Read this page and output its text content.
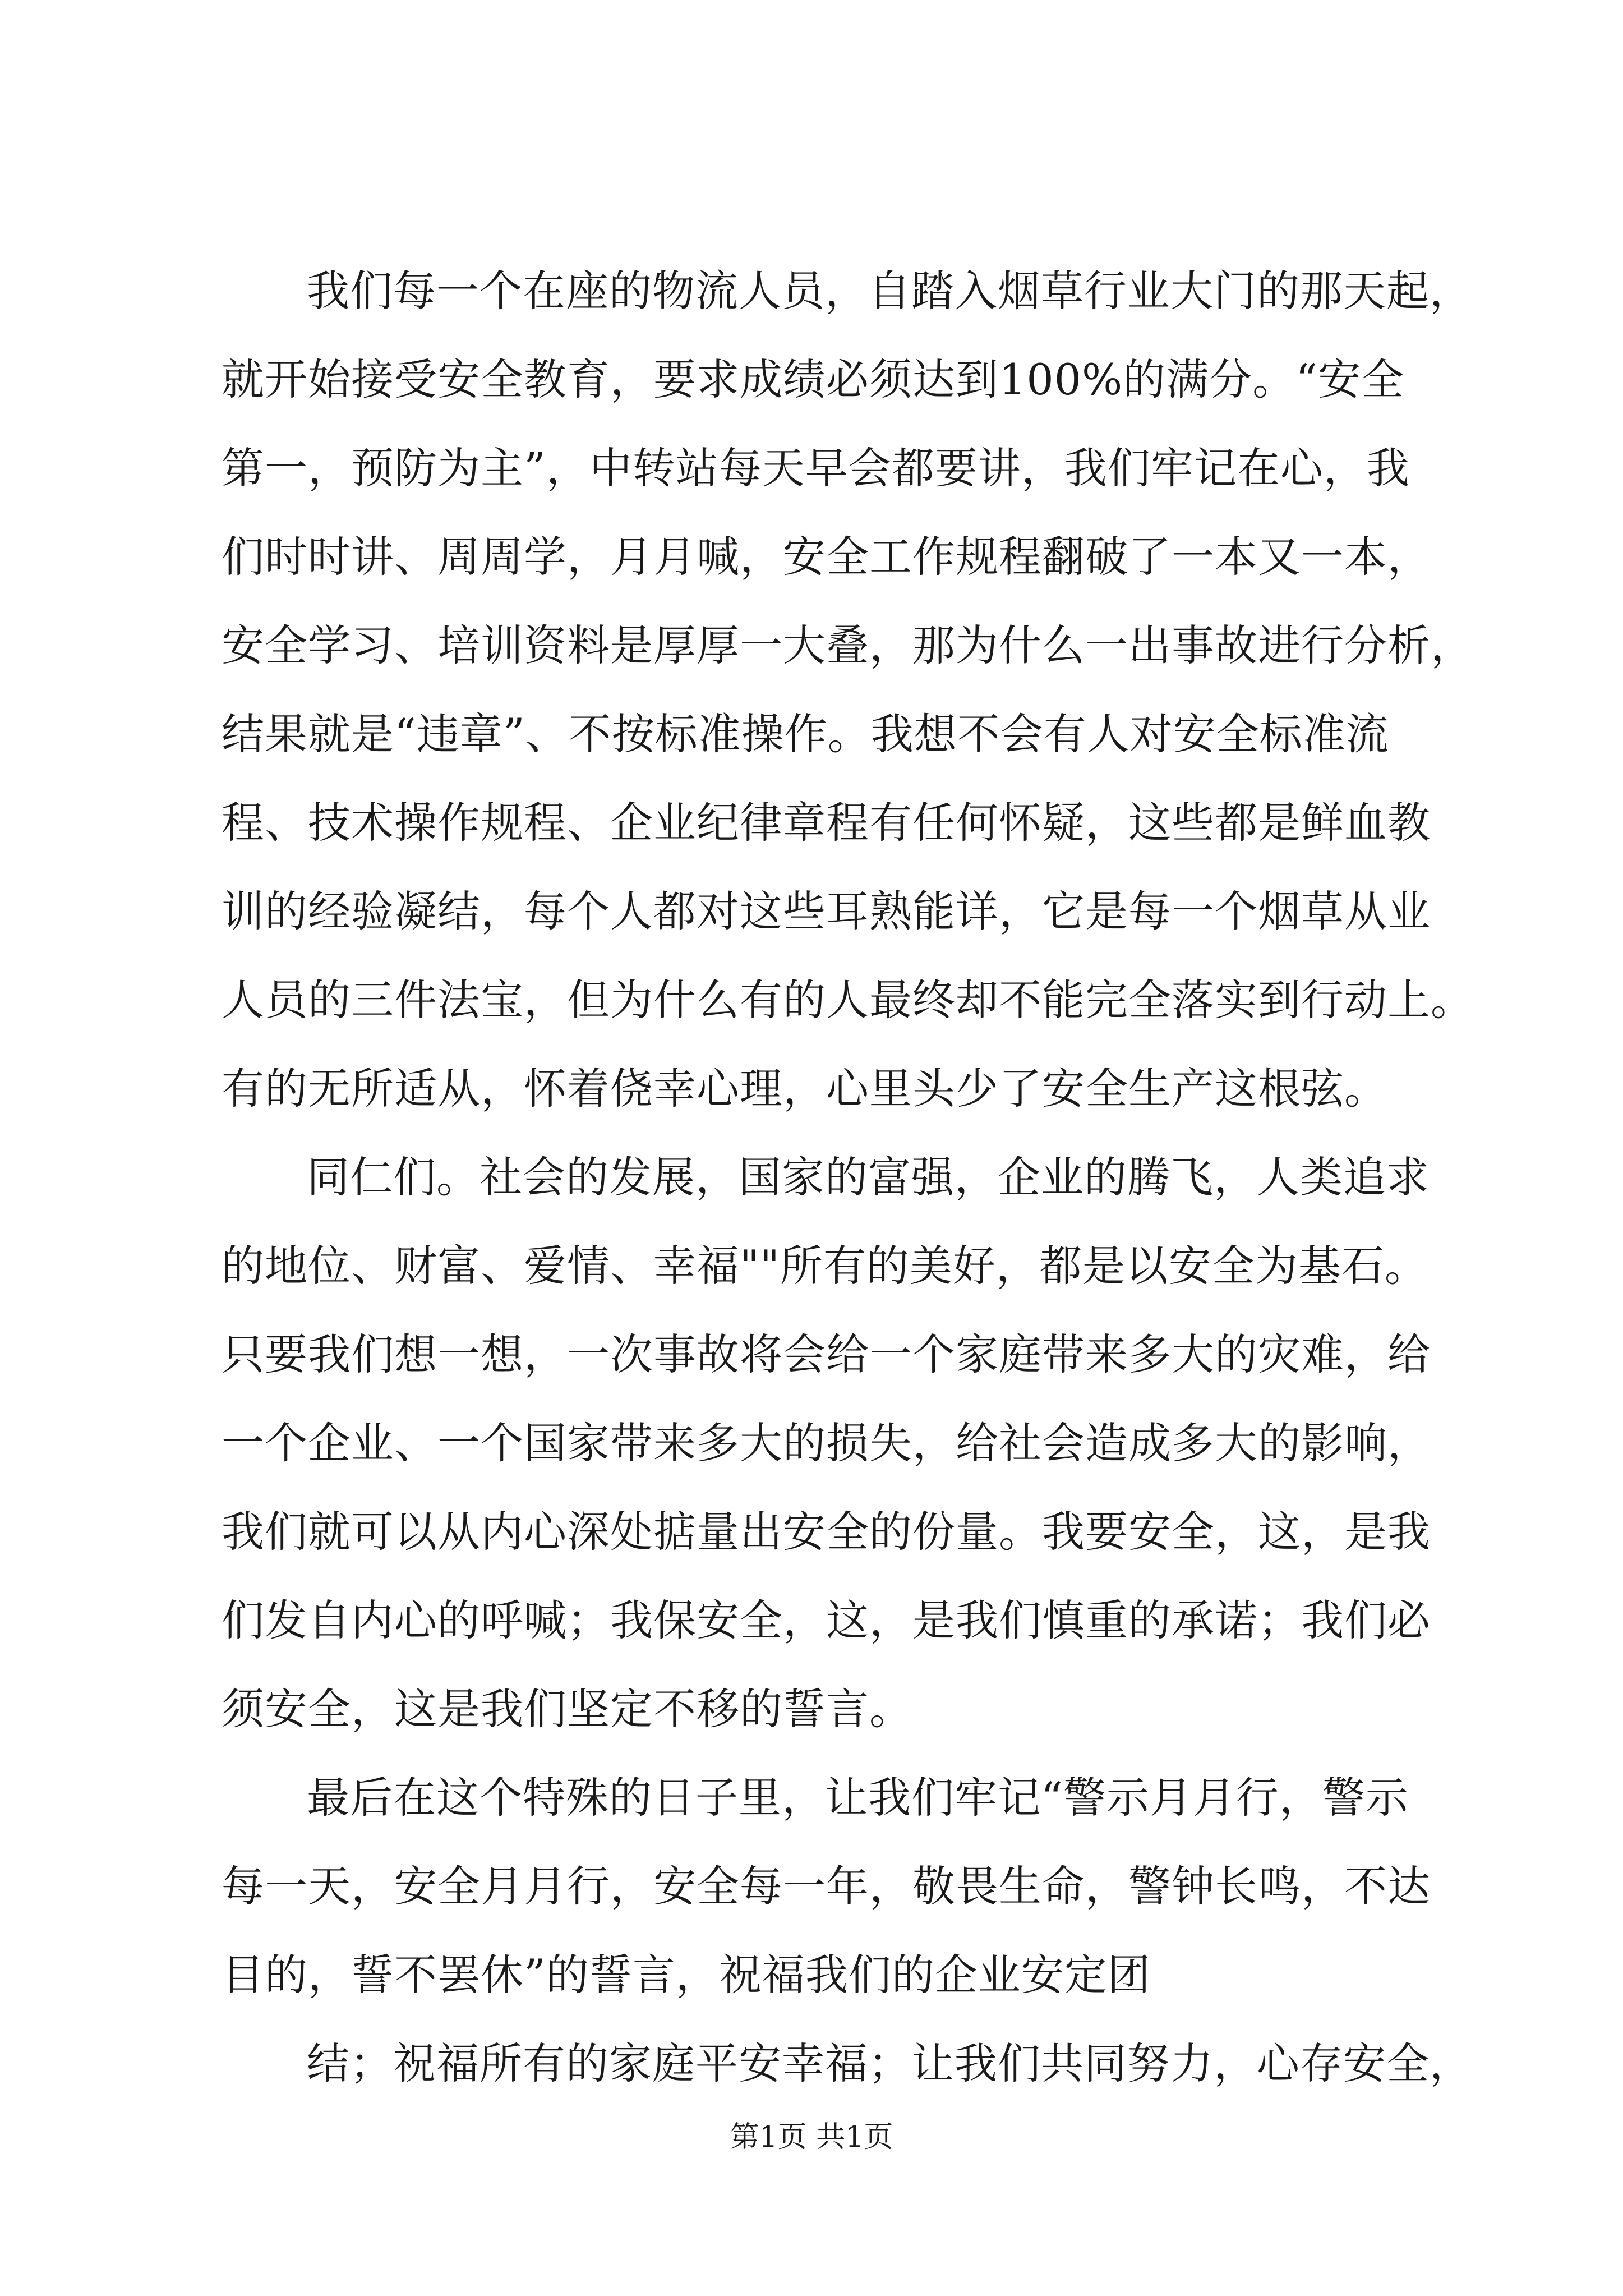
我们每一个在座的物流人员，自踏入烟草行业大门的那天起，
就开始接受安全教育，要求成绩必须达到100%的满分。“安全
第一，预防为主”，中转站每天早会都要讲，我们牢记在心，我
们时时讲、周周学，月月喊，安全工作规程翻破了一本又一本，
安全学习、培训资料是厚厚一大叠，那为什么一出事故进行分析，
结果就是“违章”、不按标准操作。我想不会有人对安全标准流
程、技术操作规程、企业纪律章程有任何怀疑，这些都是鲜血教
训的经验凝结，每个人都对这些耳熟能详，它是每一个烟草从业
人员的三件法宝，但为什么有的人最终却不能完全落实到行动上。
有的无所适从，怀着侥幸心理，心里头少了安全生产这根弦。
同仁们。社会的发展，国家的富强，企业的腾飞，人类追求
的地位、财富、爱情、幸福""所有的美好，都是以安全为基石。
只要我们想一想，一次事故将会给一个家庭带来多大的灾难，给
一个企业、一个国家带来多大的损失，给社会造成多大的影响，
我们就可以从内心深处掂量出安全的份量。我要安全，这，是我
们发自内心的呼喊；我保安全，这，是我们慎重的承诺；我们必
须安全，这是我们坚定不移的誓言。
最后在这个特殊的日子里，让我们牢记“警示月月行，警示
每一天，安全月月行，安全每一年，敬畏生命，警钟长鸣，不达
目的，誓不罢休”的誓言，祝福我们的企业安定团
结；祝福所有的家庭平安幸福；让我们共同努力，心存安全，
第1页 共1页
